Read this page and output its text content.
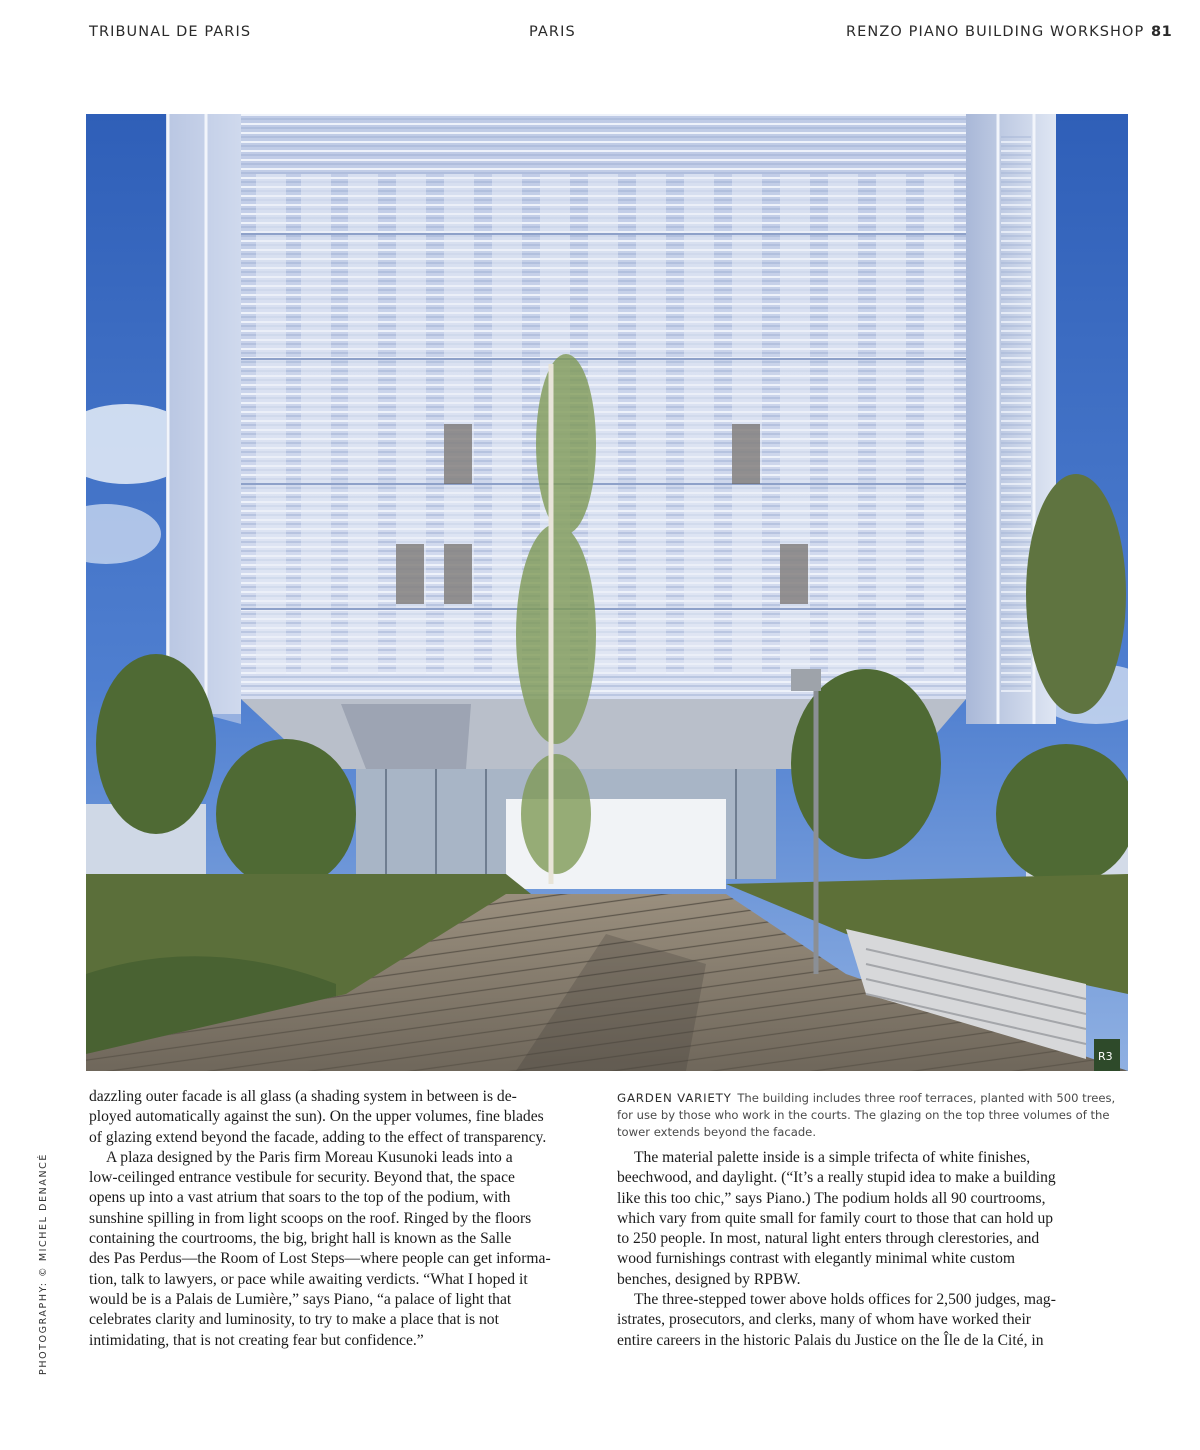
TRIBUNAL DE PARIS	PARIS	RENZO PIANO BUILDING WORKSHOP 81
R3
PHOTOGRAPHY: © MICHEL DENANCÉ

dazzling outer facade is all glass (a shading system in between is de-
ployed automatically against the sun). On the upper volumes, fine blades
of glazing extend beyond the facade, adding to the effect of transparency.

A plaza designed by the Paris firm Moreau Kusunoki leads into a
low-ceilinged entrance vestibule for security. Beyond that, the space
opens up into a vast atrium that soars to the top of the podium, with
sunshine spilling in from light scoops on the roof. Ringed by the floors
containing the courtrooms, the big, bright hall is known as the Salle
des Pas Perdus—the Room of Lost Steps—where people can get informa-
tion, talk to lawyers, or pace while awaiting verdicts. “What I hoped it
would be is a Palais de Lumière,” says Piano, “a palace of light that
celebrates clarity and luminosity, to try to make a place that is not
intimidating, that is not creating fear but confidence.”

GARDEN VARIETY The building includes three roof terraces, planted with 500 trees,
for use by those who work in the courts. The glazing on the top three volumes of the
tower extends beyond the facade.

The material palette inside is a simple trifecta of white finishes,
beechwood, and daylight. (“It’s a really stupid idea to make a building
like this too chic,” says Piano.) The podium holds all 90 courtrooms,
which vary from quite small for family court to those that can hold up
to 250 people. In most, natural light enters through clerestories, and
wood furnishings contrast with elegantly minimal white custom
benches, designed by RPBW.

The three-stepped tower above holds offices for 2,500 judges, mag-
istrates, prosecutors, and clerks, many of whom have worked their
entire careers in the historic Palais du Justice on the Île de la Cité, in
